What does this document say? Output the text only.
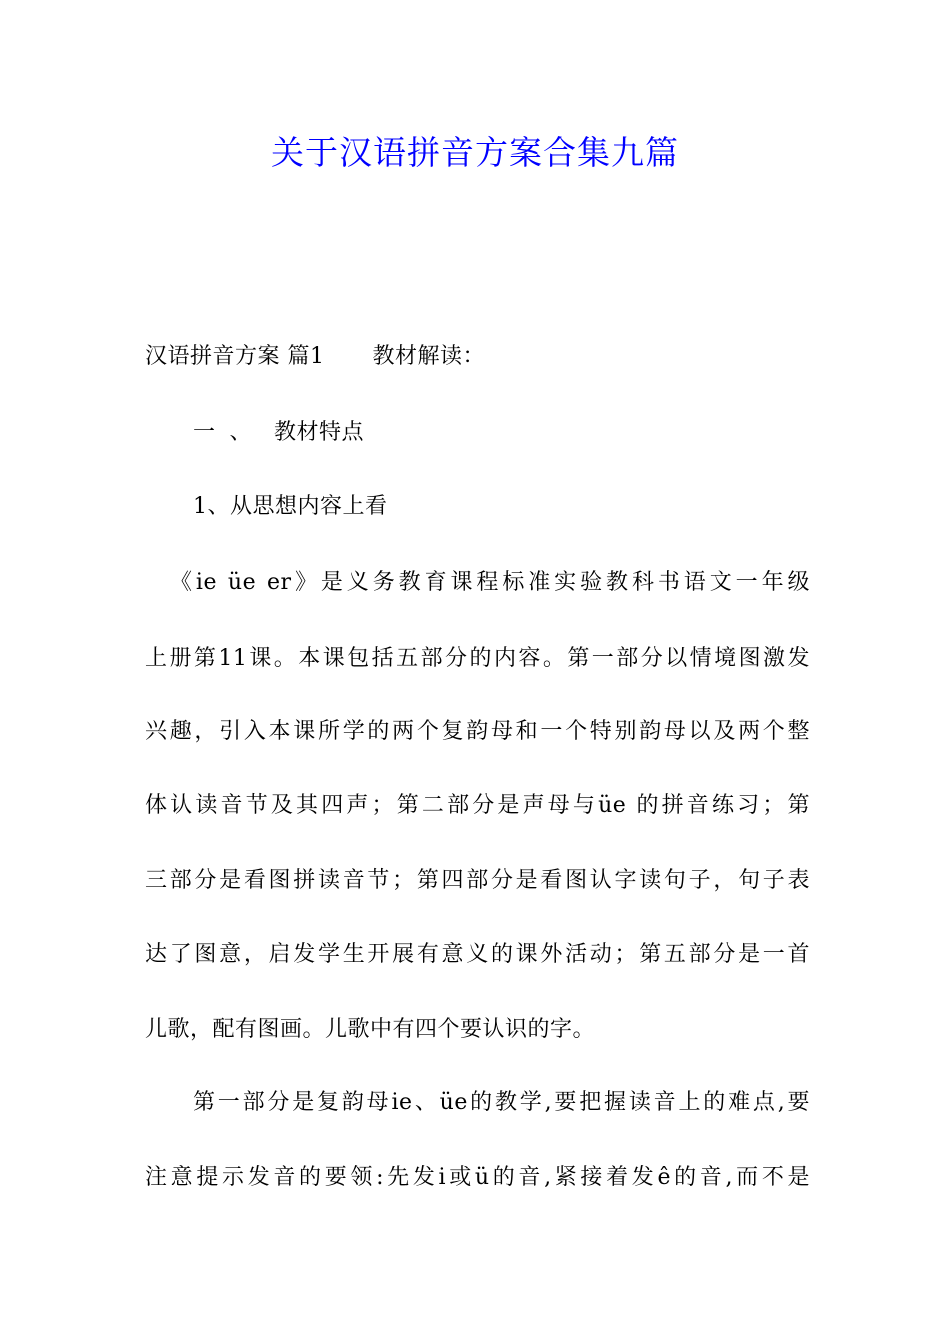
关于汉语拼音方案合集九篇
汉语拼音方案 篇1 教材解读：
一 、 教材特点
1、从思想内容上看
《ie üe er》是义务教育课程标准实验教科书语文一年级
上册第11课。本课包括五部分的内容。第一部分以情境图激发
兴趣，引入本课所学的两个复韵母和一个特别韵母以及两个整
体认读音节及其四声；第二部分是声母与üe 的拼音练习；第
三部分是看图拼读音节；第四部分是看图认字读句子，句子表
达了图意，启发学生开展有意义的课外活动；第五部分是一首
儿歌，配有图画。儿歌中有四个要认识的字。
第一部分是复韵母ie、üe的教学,要把握读音上的难点,要
注意提示发音的要领:先发i或ü的音,紧接着发ê的音,而不是
